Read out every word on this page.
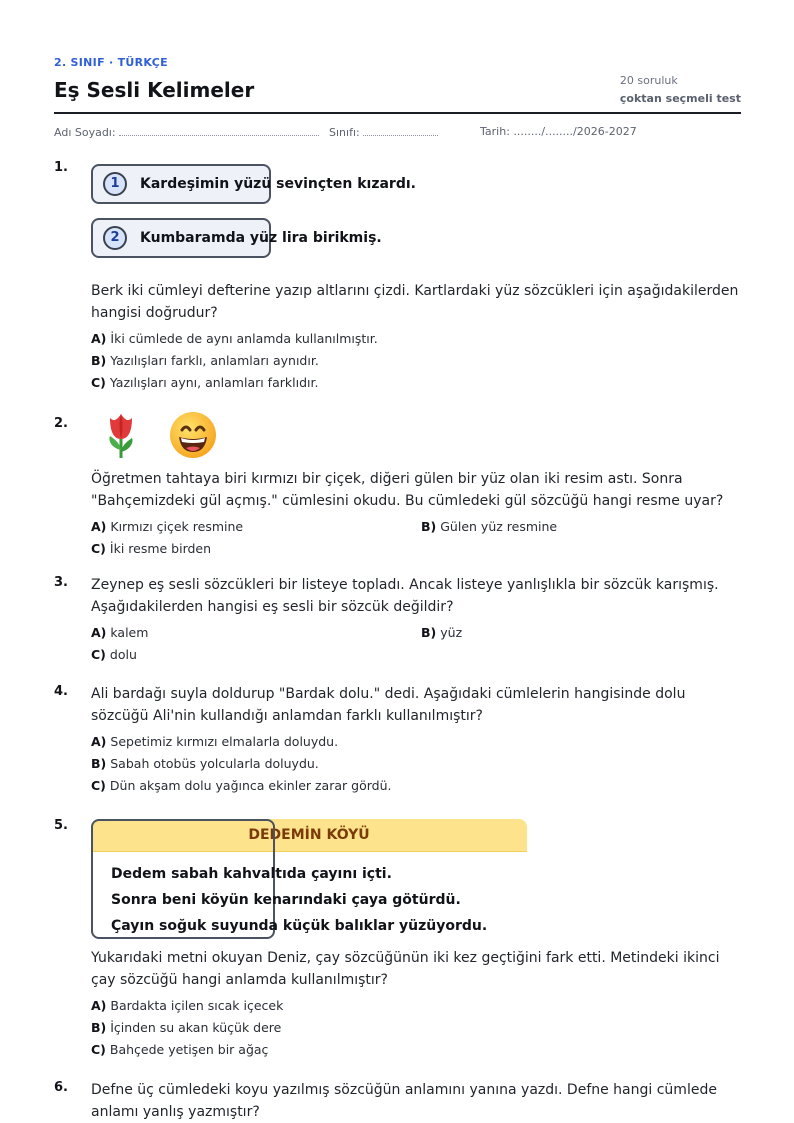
2. SINIF · TÜRKÇE
Eş Sesli Kelimeler	20 soruluk
çoktan seçmeli test
Adı Soyadı:	Sınıfı:	Tarih: ......../......../2026-2027
1.
1	Kardeşimin yüzü sevinçten kızardı.
2	Kumbaramda yüz lira birikmiş.

Berk iki cümleyi defterine yazıp altlarını çizdi. Kartlardaki yüz sözcükleri için aşağıdakilerden hangisi doğrudur?

A) İki cümlede de aynı anlamda kullanılmıştır.
B) Yazılışları farklı, anlamları aynıdır.
C) Yazılışları aynı, anlamları farklıdır.
2.

Öğretmen tahtaya biri kırmızı bir çiçek, diğeri gülen bir yüz olan iki resim astı. Sonra "Bahçemizdeki gül açmış." cümlesini okudu. Bu cümledeki gül sözcüğü hangi resme uyar?

A) Kırmızı çiçek resmine	B) Gülen yüz resmine
C) İki resme birden
3. Zeynep eş sesli sözcükleri bir listeye topladı. Ancak listeye yanlışlıkla bir sözcük karışmış. Aşağıdakilerden hangisi eş sesli bir sözcük değildir?

A) kalem	B) yüz
C) dolu
4. Ali bardağı suyla doldurup "Bardak dolu." dedi. Aşağıdaki cümlelerin hangisinde dolu sözcüğü Ali'nin kullandığı anlamdan farklı kullanılmıştır?

A) Sepetimiz kırmızı elmalarla doluydu.
B) Sabah otobüs yolcularla doluydu.
C) Dün akşam dolu yağınca ekinler zarar gördü.
5.
DEDEMİN KÖYÜ
Dedem sabah kahvaltıda çayını içti.
Sonra beni köyün kenarındaki çaya götürdü.
Çayın soğuk suyunda küçük balıklar yüzüyordu.

Yukarıdaki metni okuyan Deniz, çay sözcüğünün iki kez geçtiğini fark etti. Metindeki ikinci çay sözcüğü hangi anlamda kullanılmıştır?

A) Bardakta içilen sıcak içecek
B) İçinden su akan küçük dere
C) Bahçede yetişen bir ağaç
6. Defne üç cümledeki koyu yazılmış sözcüğün anlamını yanına yazdı. Defne hangi cümlede anlamı yanlış yazmıştır?
